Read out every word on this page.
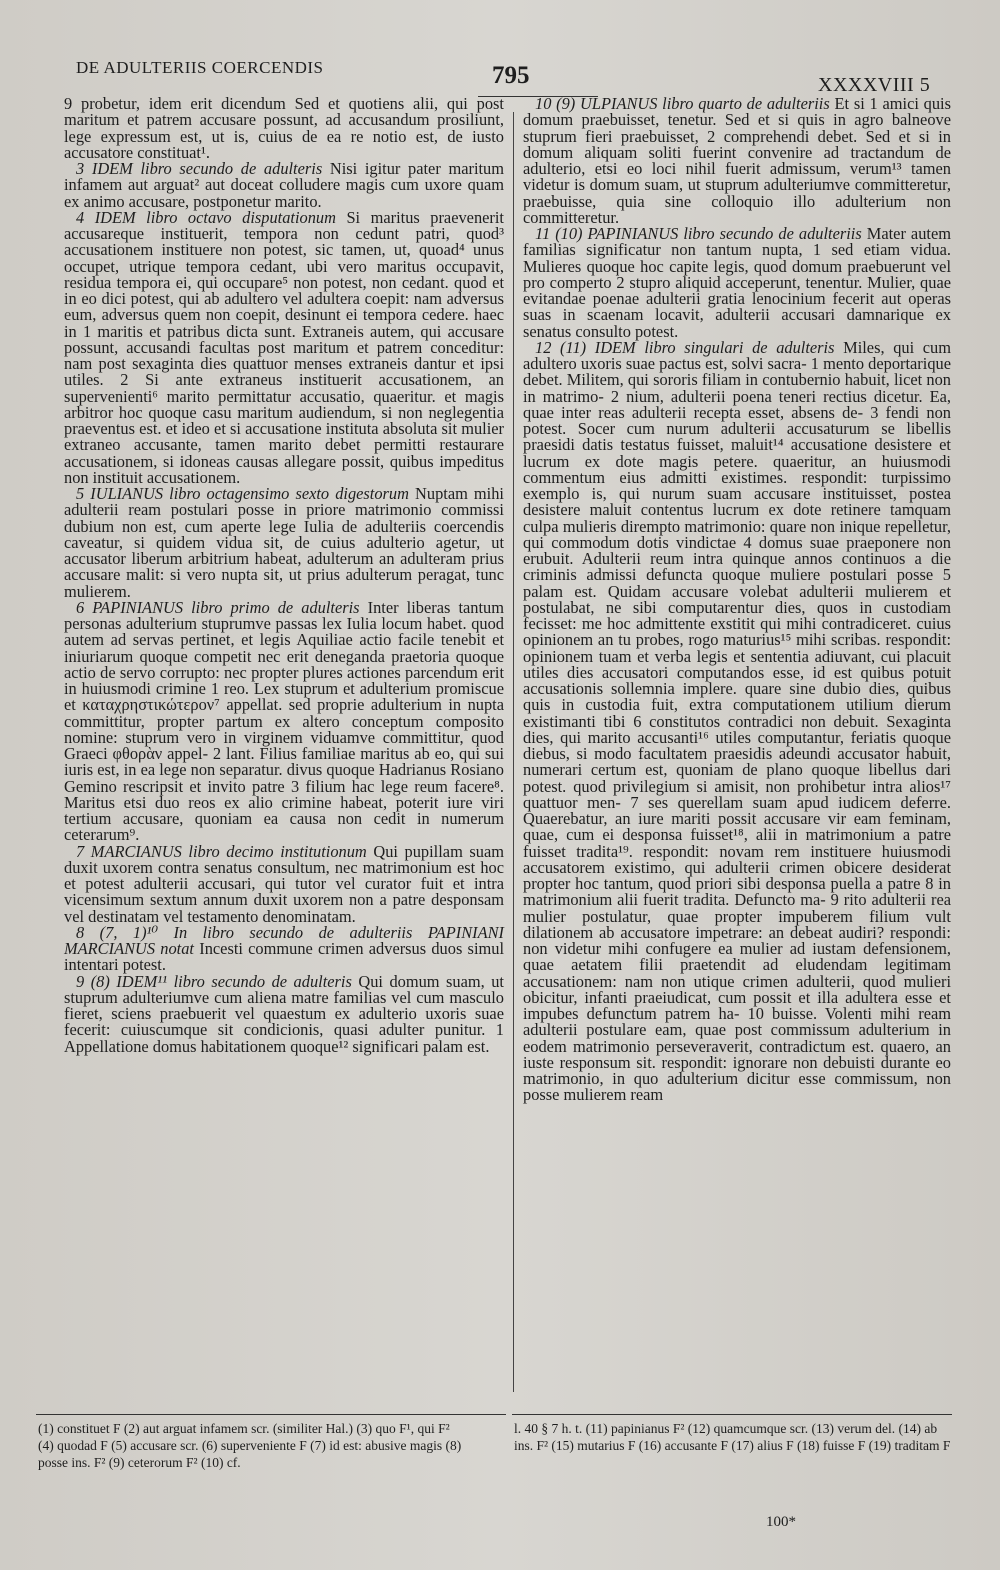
DE ADULTERIIS COERCENDIS	795	XXXXVIII 5

9 probetur, idem erit dicendum Sed et quotiens alii, qui post maritum et patrem accusare possunt, ad accusandum prosiliunt, lege expressum est, ut is, cuius de ea re notio est, de iusto accusatore constituat¹.

3 IDEM libro secundo de adulteris Nisi igitur pater maritum infamem aut arguat² aut doceat colludere magis cum uxore quam ex animo accusare, postponetur marito.

4 IDEM libro octavo disputationum Si maritus praevenerit accusareque instituerit, tempora non cedunt patri, quod³ accusationem instituere non potest, sic tamen, ut, quoad⁴ unus occupet, utrique tempora cedant, ubi vero maritus occupavit, residua tempora ei, qui occupare⁵ non potest, non cedant. quod et in eo dici potest, qui ab adultero vel adultera coepit: nam adversus eum, adversus quem non coepit, desinunt ei tempora cedere. haec in 1 maritis et patribus dicta sunt. Extraneis autem, qui accusare possunt, accusandi facultas post maritum et patrem conceditur: nam post sexaginta dies quattuor menses extraneis dantur et ipsi utiles. 2 Si ante extraneus instituerit accusationem, an supervenienti⁶ marito permittatur accusatio, quaeritur. et magis arbitror hoc quoque casu maritum audiendum, si non neglegentia praeventus est. et ideo et si accusatione instituta absoluta sit mulier extraneo accusante, tamen marito debet permitti restaurare accusationem, si idoneas causas allegare possit, quibus impeditus non instituit accusationem.

5 IULIANUS libro octagensimo sexto digestorum Nuptam mihi adulterii ream postulari posse in priore matrimonio commissi dubium non est, cum aperte lege Iulia de adulteriis coercendis caveatur, si quidem vidua sit, de cuius adulterio agetur, ut accusator liberum arbitrium habeat, adulterum an adulteram prius accusare malit: si vero nupta sit, ut prius adulterum peragat, tunc mulierem.

6 PAPINIANUS libro primo de adulteris Inter liberas tantum personas adulterium stuprumve passas lex Iulia locum habet. quod autem ad servas pertinet, et legis Aquiliae actio facile tenebit et iniuriarum quoque competit nec erit deneganda praetoria quoque actio de servo corrupto: nec propter plures actiones parcendum erit in huiusmodi crimine 1 reo. Lex stuprum et adulterium promiscue et καταχρηστικώτερον⁷ appellat. sed proprie adulterium in nupta committitur, propter partum ex altero conceptum composito nomine: stuprum vero in virginem viduamve committitur, quod Graeci φθορὰν appel- 2 lant. Filius familiae maritus ab eo, qui sui iuris est, in ea lege non separatur. divus quoque Hadrianus Rosiano Gemino rescripsit et invito patre 3 filium hac lege reum facere⁸. Maritus etsi duo reos ex alio crimine habeat, poterit iure viri tertium accusare, quoniam ea causa non cedit in numerum ceterarum⁹.

7 MARCIANUS libro decimo institutionum Qui pupillam suam duxit uxorem contra senatus consultum, nec matrimonium est hoc et potest adulterii accusari, qui tutor vel curator fuit et intra vicensimum sextum annum duxit uxorem non a patre desponsam vel destinatam vel testamento denominatam.

8 (7, 1)¹⁰ In libro secundo de adulteriis PAPINIANI MARCIANUS notat Incesti commune crimen adversus duos simul intentari potest.

9 (8) IDEM¹¹ libro secundo de adulteris Qui domum suam, ut stuprum adulteriumve cum aliena matre familias vel cum masculo fieret, sciens praebuerit vel quaestum ex adulterio uxoris suae fecerit: cuiuscumque sit condicionis, quasi adulter punitur. 1 Appellatione domus habitationem quoque¹² significari palam est.

10 (9) ULPIANUS libro quarto de adulteriis Et si 1 amici quis domum praebuisset, tenetur. Sed et si quis in agro balneove stuprum fieri praebuisset, 2 comprehendi debet. Sed et si in domum aliquam soliti fuerint convenire ad tractandum de adulterio, etsi eo loci nihil fuerit admissum, verum¹³ tamen videtur is domum suam, ut stuprum adulteriumve committeretur, praebuisse, quia sine colloquio illo adulterium non committeretur.

11 (10) PAPINIANUS libro secundo de adulteriis Mater autem familias significatur non tantum nupta, 1 sed etiam vidua. Mulieres quoque hoc capite legis, quod domum praebuerunt vel pro comperto 2 stupro aliquid acceperunt, tenentur. Mulier, quae evitandae poenae adulterii gratia lenocinium fecerit aut operas suas in scaenam locavit, adulterii accusari damnarique ex senatus consulto potest.

12 (11) IDEM libro singulari de adulteris Miles, qui cum adultero uxoris suae pactus est, solvi sacra- 1 mento deportarique debet. Militem, qui sororis filiam in contubernio habuit, licet non in matrimo- 2 nium, adulterii poena teneri rectius dicetur. Ea, quae inter reas adulterii recepta esset, absens de- 3 fendi non potest. Socer cum nurum adulterii accusaturum se libellis praesidi datis testatus fuisset, maluit¹⁴ accusatione desistere et lucrum ex dote magis petere. quaeritur, an huiusmodi commentum eius admitti existimes. respondit: turpissimo exemplo is, qui nurum suam accusare instituisset, postea desistere maluit contentus lucrum ex dote retinere tamquam culpa mulieris dirempto matrimonio: quare non inique repelletur, qui commodum dotis vindictae 4 domus suae praeponere non erubuit. Adulterii reum intra quinque annos continuos a die criminis admissi defuncta quoque muliere postulari posse 5 palam est. Quidam accusare volebat adulterii mulierem et postulabat, ne sibi computarentur dies, quos in custodiam fecisset: me hoc admittente exstitit qui mihi contradiceret. cuius opinionem an tu probes, rogo maturius¹⁵ mihi scribas. respondit: opinionem tuam et verba legis et sententia adiuvant, cui placuit utiles dies accusatori computandos esse, id est quibus potuit accusationis sollemnia implere. quare sine dubio dies, quibus quis in custodia fuit, extra computationem utilium dierum existimanti tibi 6 constitutos contradici non debuit. Sexaginta dies, qui marito accusanti¹⁶ utiles computantur, feriatis quoque diebus, si modo facultatem praesidis adeundi accusator habuit, numerari certum est, quoniam de plano quoque libellus dari potest. quod privilegium si amisit, non prohibetur intra alios¹⁷ quattuor men- 7 ses querellam suam apud iudicem deferre. Quaerebatur, an iure mariti possit accusare vir eam feminam, quae, cum ei desponsa fuisset¹⁸, alii in matrimonium a patre fuisset tradita¹⁹. respondit: novam rem instituere huiusmodi accusatorem existimo, qui adulterii crimen obicere desiderat propter hoc tantum, quod priori sibi desponsa puella a patre 8 in matrimonium alii fuerit tradita. Defuncto ma- 9 rito adulterii rea mulier postulatur, quae propter impuberem filium vult dilationem ab accusatore impetrare: an debeat audiri? respondi: non videtur mihi confugere ea mulier ad iustam defensionem, quae aetatem filii praetendit ad eludendam legitimam accusationem: nam non utique crimen adulterii, quod mulieri obicitur, infanti praeiudicat, cum possit et illa adultera esse et impubes defunctum patrem ha- 10 buisse. Volenti mihi ream adulterii postulare eam, quae post commissum adulterium in eodem matrimonio perseveraverit, contradictum est. quaero, an iuste responsum sit. respondit: ignorare non debuisti durante eo matrimonio, in quo adulterium dicitur esse commissum, non posse mulierem ream

(1) constituet F (2) aut arguat infamem scr. (similiter Hal.) (3) quo F¹, qui F² (4) quodad F (5) accusare scr. (6) superveniente F (7) id est: abusive magis (8) posse ins. F² (9) ceterorum F² (10) cf.
l. 40 § 7 h. t. (11) papinianus F² (12) quamcumque scr. (13) verum del. (14) ab ins. F² (15) mutarius F (16) accusante F (17) alius F (18) fuisse F (19) traditam F
100*
